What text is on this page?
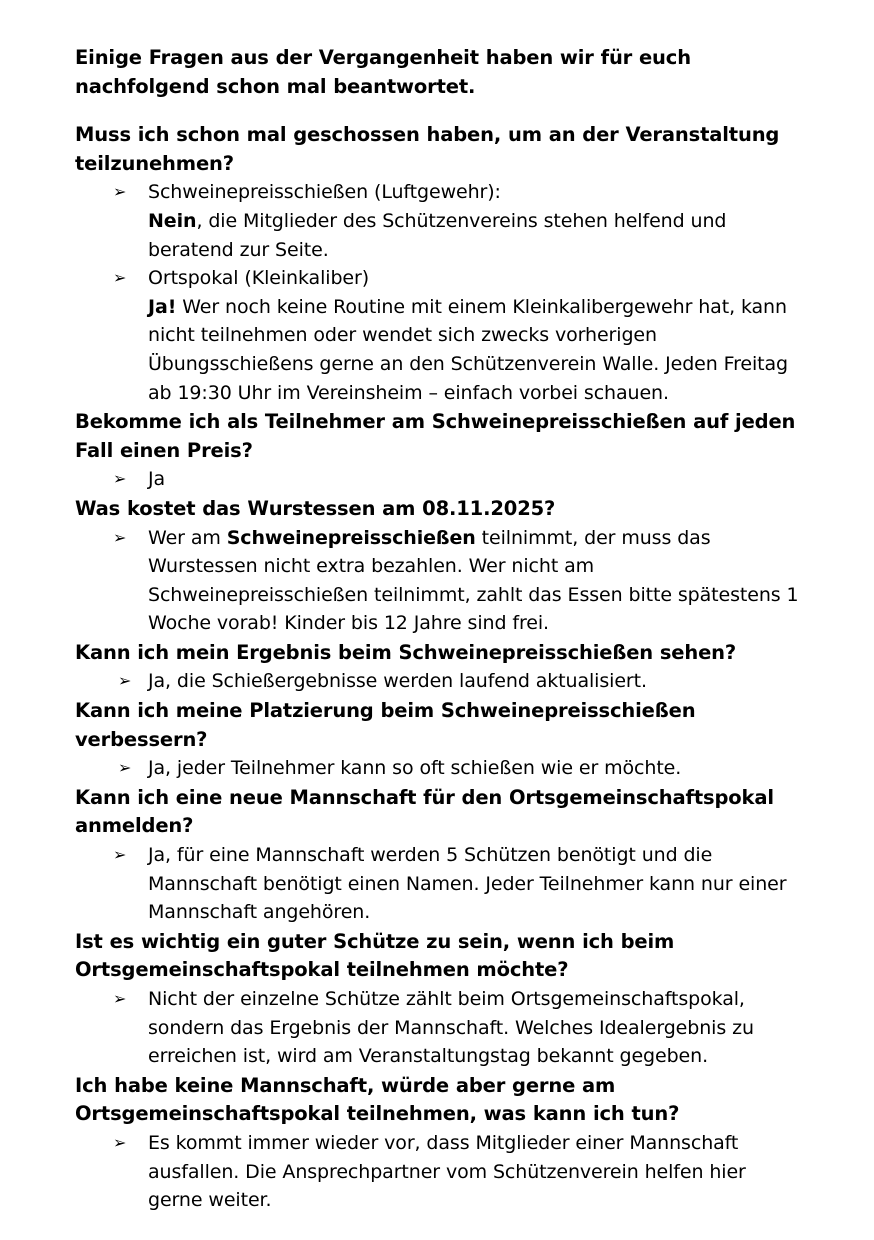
Einige Fragen aus der Vergangenheit haben wir für euch nachfolgend schon mal beantwortet.

Muss ich schon mal geschossen haben, um an der Veranstaltung teilzunehmen?
➢ Schweinepreisschießen (Luftgewehr):
Nein, die Mitglieder des Schützenvereins stehen helfend und beratend zur Seite.
➢ Ortspokal (Kleinkaliber)
Ja! Wer noch keine Routine mit einem Kleinkalibergewehr hat, kann nicht teilnehmen oder wendet sich zwecks vorherigen Übungsschießens gerne an den Schützenverein Walle. Jeden Freitag ab 19:30 Uhr im Vereinsheim – einfach vorbei schauen.
Bekomme ich als Teilnehmer am Schweinepreisschießen auf jeden Fall einen Preis?
➢ Ja
Was kostet das Wurstessen am 08.11.2025?
➢ Wer am Schweinepreisschießen teilnimmt, der muss das Wurstessen nicht extra bezahlen. Wer nicht am Schweinepreisschießen teilnimmt, zahlt das Essen bitte spätestens 1 Woche vorab! Kinder bis 12 Jahre sind frei.
Kann ich mein Ergebnis beim Schweinepreisschießen sehen?
➢ Ja, die Schießergebnisse werden laufend aktualisiert.
Kann ich meine Platzierung beim Schweinepreisschießen verbessern?
➢ Ja, jeder Teilnehmer kann so oft schießen wie er möchte.
Kann ich eine neue Mannschaft für den Ortsgemeinschaftspokal anmelden?
➢ Ja, für eine Mannschaft werden 5 Schützen benötigt und die Mannschaft benötigt einen Namen. Jeder Teilnehmer kann nur einer Mannschaft angehören.
Ist es wichtig ein guter Schütze zu sein, wenn ich beim Ortsgemeinschaftspokal teilnehmen möchte?
➢ Nicht der einzelne Schütze zählt beim Ortsgemeinschaftspokal, sondern das Ergebnis der Mannschaft. Welches Idealergebnis zu erreichen ist, wird am Veranstaltungstag bekannt gegeben.
Ich habe keine Mannschaft, würde aber gerne am Ortsgemeinschaftspokal teilnehmen, was kann ich tun?
➢ Es kommt immer wieder vor, dass Mitglieder einer Mannschaft ausfallen. Die Ansprechpartner vom Schützenverein helfen hier gerne weiter.
